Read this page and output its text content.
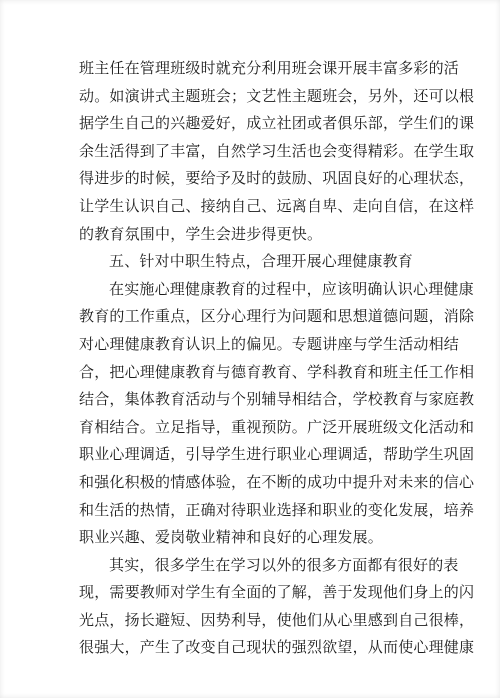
班主任在管理班级时就充分利用班会课开展丰富多彩的活
动。如演讲式主题班会；文艺性主题班会，另外，还可以根
据学生自己的兴趣爱好，成立社团或者俱乐部，学生们的课
余生活得到了丰富，自然学习生活也会变得精彩。在学生取
得进步的时候，要给予及时的鼓励、巩固良好的心理状态，
让学生认识自己、接纳自己、远离自卑、走向自信，在这样
的教育氛围中，学生会进步得更快。
五、针对中职生特点，合理开展心理健康教育
在实施心理健康教育的过程中，应该明确认识心理健康
教育的工作重点，区分心理行为问题和思想道德问题，消除
对心理健康教育认识上的偏见。专题讲座与学生活动相结
合，把心理健康教育与德育教育、学科教育和班主任工作相
结合，集体教育活动与个别辅导相结合，学校教育与家庭教
育相结合。立足指导，重视预防。广泛开展班级文化活动和
职业心理调适，引导学生进行职业心理调适，帮助学生巩固
和强化积极的情感体验，在不断的成功中提升对未来的信心
和生活的热情，正确对待职业选择和职业的变化发展，培养
职业兴趣、爱岗敬业精神和良好的心理发展。
其实，很多学生在学习以外的很多方面都有很好的表
现，需要教师对学生有全面的了解，善于发现他们身上的闪
光点，扬长避短、因势利导，使他们从心里感到自己很棒，
很强大，产生了改变自己现状的强烈欲望，从而使心理健康
